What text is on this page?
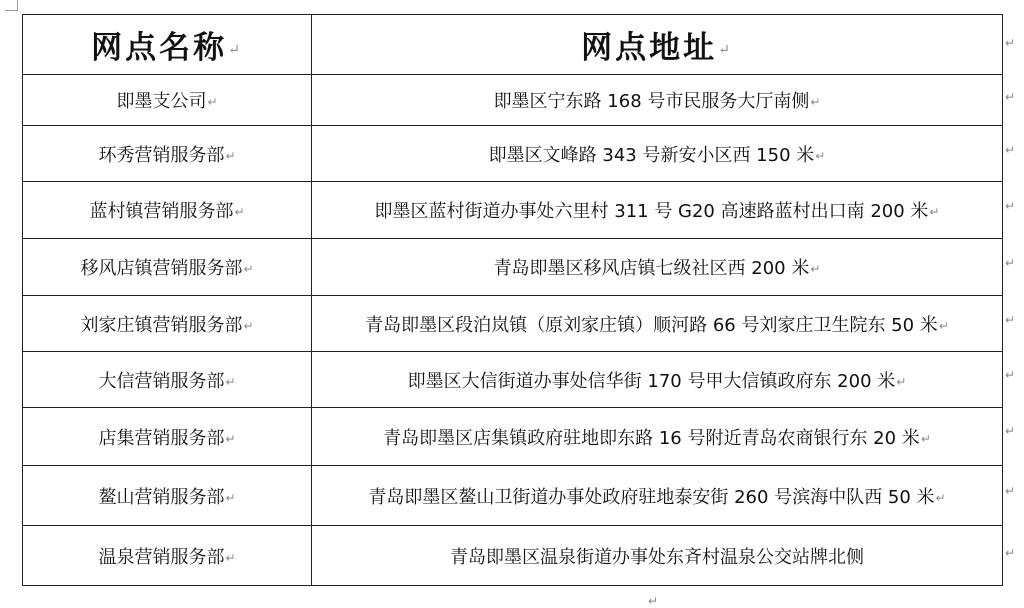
网点名称↵	网点地址↵
即墨支公司↵	即墨区宁东路 168 号市民服务大厅南侧↵
环秀营销服务部↵	即墨区文峰路 343 号新安小区西 150 米↵
蓝村镇营销服务部↵	即墨区蓝村街道办事处六里村 311 号 G20 高速路蓝村出口南 200 米↵
移风店镇营销服务部↵	青岛即墨区移风店镇七级社区西 200 米↵
刘家庄镇营销服务部↵	青岛即墨区段泊岚镇（原刘家庄镇）顺河路 66 号刘家庄卫生院东 50 米↵
大信营销服务部↵	即墨区大信街道办事处信华街 170 号甲大信镇政府东 200 米↵
店集营销服务部↵	青岛即墨区店集镇政府驻地即东路 16 号附近青岛农商银行东 20 米↵
鳌山营销服务部↵	青岛即墨区鳌山卫街道办事处政府驻地泰安街 260 号滨海中队西 50 米↵
温泉营销服务部↵	青岛即墨区温泉街道办事处东斉村温泉公交站牌北侧
↵
↵
↵
↵
↵
↵
↵
↵
↵
↵
↵
